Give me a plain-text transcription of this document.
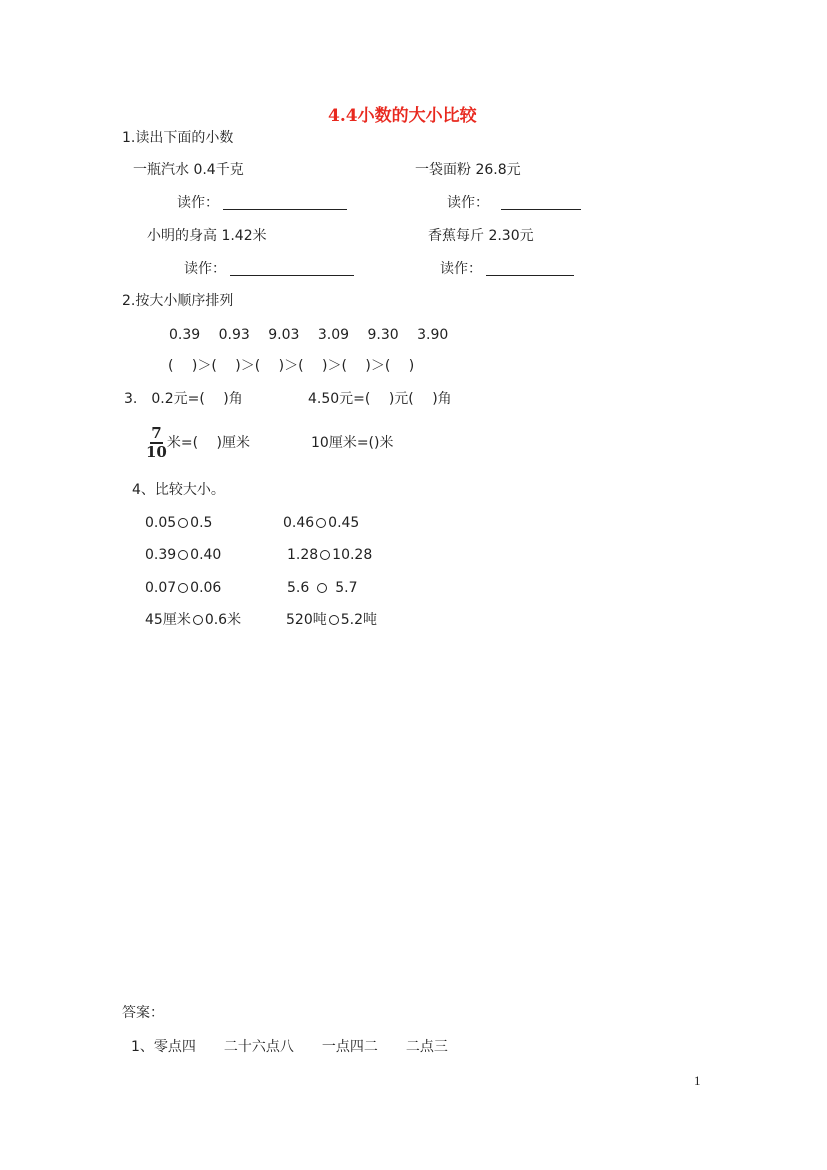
4.4小数的大小比较
1.读出下面的小数
一瓶汽水 0.4千克	一袋面粉 26.8元
读作：	读作：
小明的身高 1.42米	香蕉每斤 2.30元
读作：	读作：
2.按大小顺序排列
0.39　 0.93　 9.03　 3.09　 9.30　 3.90
(　 )＞(　 )＞(　 )＞(　 )＞(　 )＞(　 )
3.　0.2元=(　 )角	4.50元=(　 )元(　 )角
$\frac{7}{10}$ 米=(　 )厘米	10厘米=()米
4、比较大小。
0.05 0.5	0.46 0.45
0.39 0.40	1.28 10.28
0.07 0.06	5.6 5.7
45厘米 0.6米	520吨 5.2吨
答案：
1、零点四　　二十六点八　　一点四二　　二点三
1
